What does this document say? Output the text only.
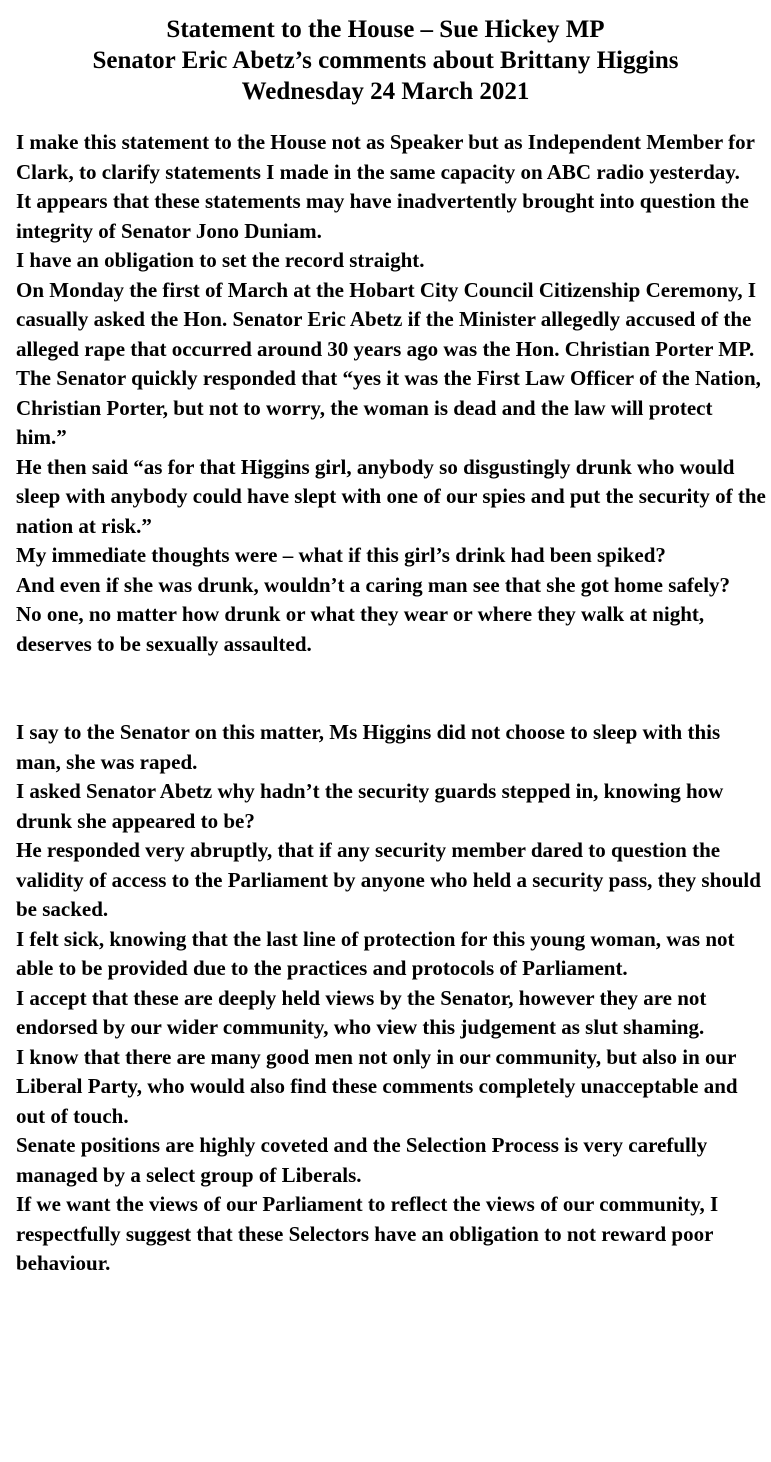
Statement to the House – Sue Hickey MP
Senator Eric Abetz’s comments about Brittany Higgins
Wednesday 24 March 2021

I make this statement to the House not as Speaker but as Independent Member for Clark, to clarify statements I made in the same capacity on ABC radio yesterday.

It appears that these statements may have inadvertently brought into question the integrity of Senator Jono Duniam.

I have an obligation to set the record straight.

On Monday the first of March at the Hobart City Council Citizenship Ceremony, I casually asked the Hon. Senator Eric Abetz if the Minister allegedly accused of the alleged rape that occurred around 30 years ago was the Hon. Christian Porter MP.

The Senator quickly responded that “yes it was the First Law Officer of the Nation, Christian Porter, but not to worry, the woman is dead and the law will protect him.”

He then said “as for that Higgins girl, anybody so disgustingly drunk who would sleep with anybody could have slept with one of our spies and put the security of the nation at risk.”

My immediate thoughts were – what if this girl’s drink had been spiked?

And even if she was drunk, wouldn’t a caring man see that she got home safely?

No one, no matter how drunk or what they wear or where they walk at night, deserves to be sexually assaulted.

I say to the Senator on this matter, Ms Higgins did not choose to sleep with this man, she was raped.

I asked Senator Abetz why hadn’t the security guards stepped in, knowing how drunk she appeared to be?

He responded very abruptly, that if any security member dared to question the validity of access to the Parliament by anyone who held a security pass, they should be sacked.

I felt sick, knowing that the last line of protection for this young woman, was not able to be provided due to the practices and protocols of Parliament.

I accept that these are deeply held views by the Senator, however they are not endorsed by our wider community, who view this judgement as slut shaming.

I know that there are many good men not only in our community, but also in our Liberal Party, who would also find these comments completely unacceptable and out of touch.

Senate positions are highly coveted and the Selection Process is very carefully managed by a select group of Liberals.

If we want the views of our Parliament to reflect the views of our community, I respectfully suggest that these Selectors have an obligation to not reward poor behaviour.
